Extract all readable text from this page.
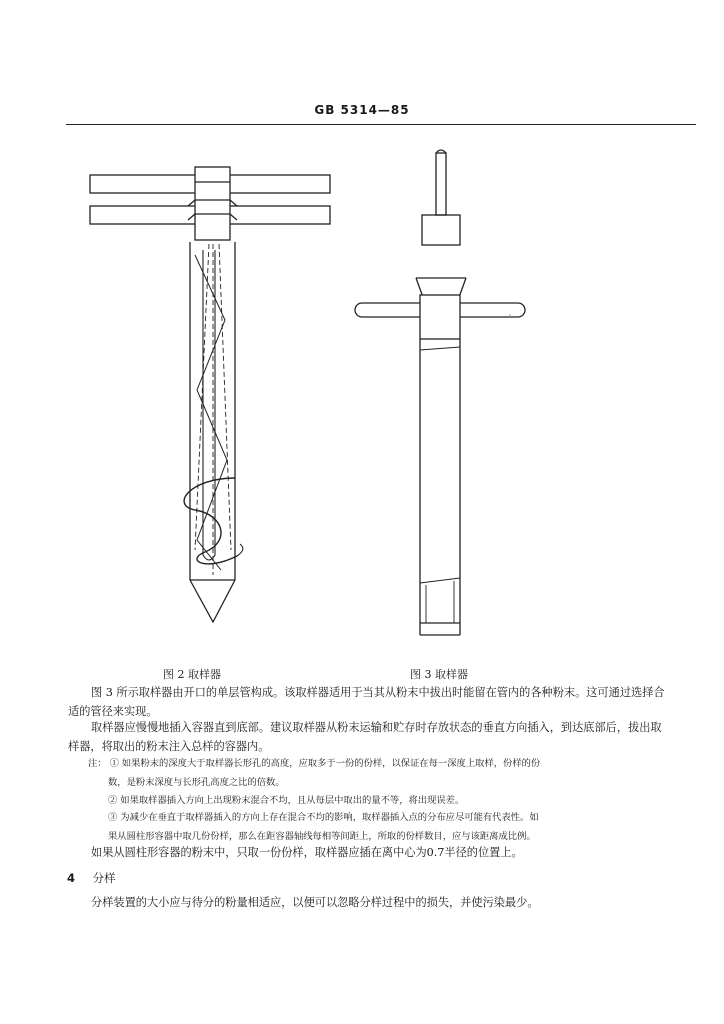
GB 5314—85
图 2 取样器	图 3 取样器

图 3 所示取样器由开口的单层管构成。该取样器适用于当其从粉末中拔出时能留在管内的各种粉末。这可通过选择合适的管径来实现。

取样器应慢慢地插入容器直到底部。建议取样器从粉末运输和贮存时存放状态的垂直方向插入，到达底部后，拔出取样器，将取出的粉末注入总样的容器内。

注： ① 如果粉末的深度大于取样器长形孔的高度，应取多于一份的份样，以保证在每一深度上取样，份样的份
数，是粉末深度与长形孔高度之比的倍数。
② 如果取样器插入方向上出现粉末混合不均，且从每层中取出的量不等，将出现误差。
③ 为减少在垂直于取样器插入的方向上存在混合不均的影响，取样器插入点的分布应尽可能有代表性。如
果从圆柱形容器中取几份份样，那么在距容器轴线每相等间距上，所取的份样数目，应与该距离成比例。

如果从圆柱形容器的粉末中，只取一份份样，取样器应插在离中心为0.7半径的位置上。

4 分样

分样装置的大小应与待分的粉量相适应，以便可以忽略分样过程中的损失，并使污染最少。
